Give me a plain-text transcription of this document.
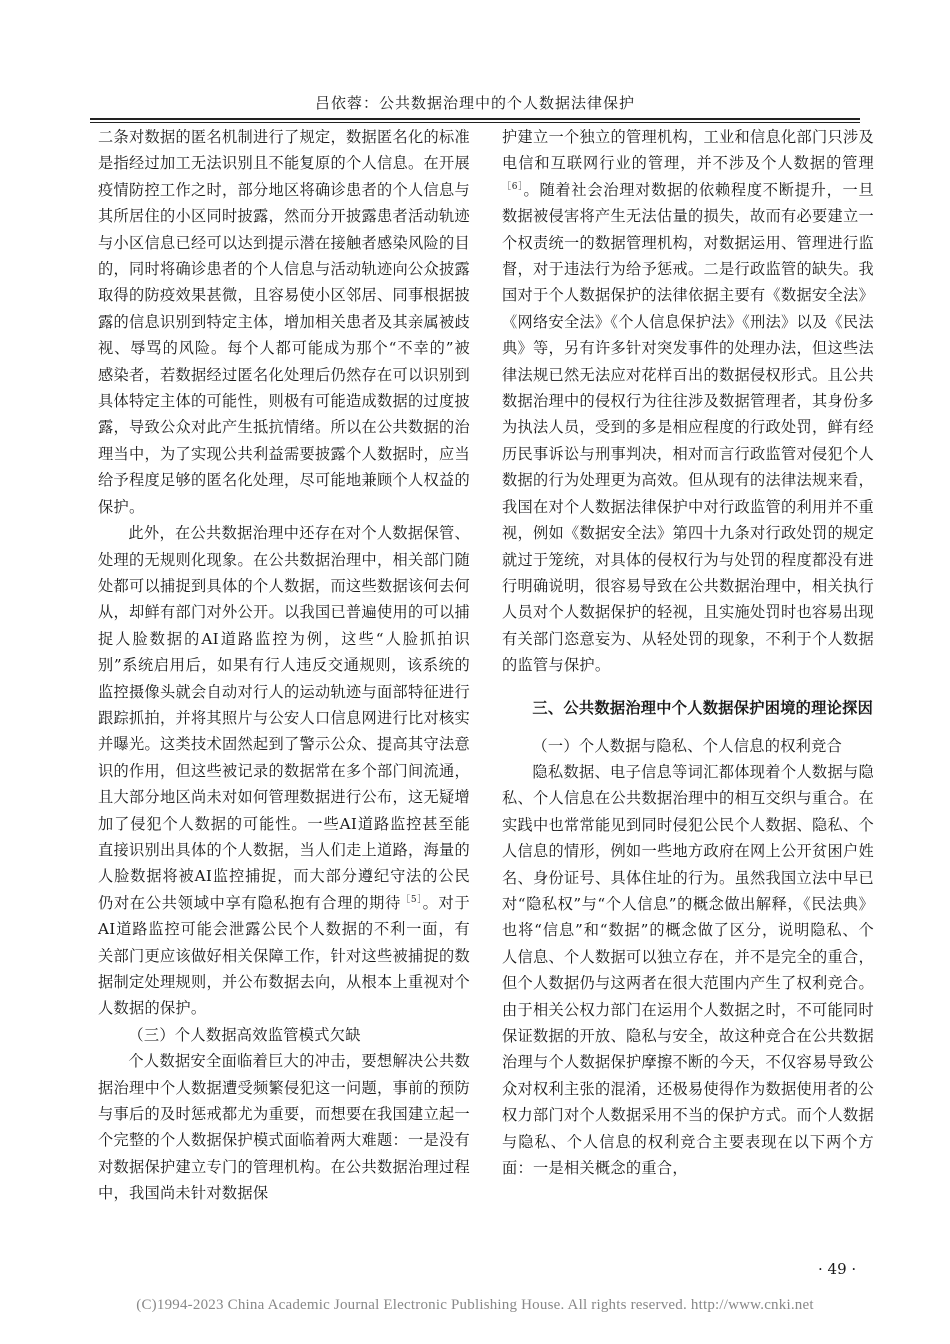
吕依蓉：公共数据治理中的个人数据法律保护

二条对数据的匿名机制进行了规定，数据匿名化的标准是指经过加工无法识别且不能复原的个人信息。在开展疫情防控工作之时，部分地区将确诊患者的个人信息与其所居住的小区同时披露，然而分开披露患者活动轨迹与小区信息已经可以达到提示潜在接触者感染风险的目的，同时将确诊患者的个人信息与活动轨迹向公众披露取得的防疫效果甚微，且容易使小区邻居、同事根据披露的信息识别到特定主体，增加相关患者及其亲属被歧视、辱骂的风险。每个人都可能成为那个“不幸的”被感染者，若数据经过匿名化处理后仍然存在可以识别到具体特定主体的可能性，则极有可能造成数据的过度披露，导致公众对此产生抵抗情绪。所以在公共数据的治理当中，为了实现公共利益需要披露个人数据时，应当给予程度足够的匿名化处理，尽可能地兼顾个人权益的保护。

此外，在公共数据治理中还存在对个人数据保管、处理的无规则化现象。在公共数据治理中，相关部门随处都可以捕捉到具体的个人数据，而这些数据该何去何从，却鲜有部门对外公开。以我国已普遍使用的可以捕捉人脸数据的AI道路监控为例，这些“人脸抓拍识别”系统启用后，如果有行人违反交通规则，该系统的监控摄像头就会自动对行人的运动轨迹与面部特征进行跟踪抓拍，并将其照片与公安人口信息网进行比对核实并曝光。这类技术固然起到了警示公众、提高其守法意识的作用，但这些被记录的数据常在多个部门间流通，且大部分地区尚未对如何管理数据进行公布，这无疑增加了侵犯个人数据的可能性。一些AI道路监控甚至能直接识别出具体的个人数据，当人们走上道路，海量的人脸数据将被AI监控捕捉，而大部分遵纪守法的公民仍对在公共领域中享有隐私抱有合理的期待$^{[5]}$。对于AI道路监控可能会泄露公民个人数据的不利一面，有关部门更应该做好相关保障工作，针对这些被捕捉的数据制定处理规则，并公布数据去向，从根本上重视对个人数据的保护。

（三）个人数据高效监管模式欠缺

个人数据安全面临着巨大的冲击，要想解决公共数据治理中个人数据遭受频繁侵犯这一问题，事前的预防与事后的及时惩戒都尤为重要，而想要在我国建立起一个完整的个人数据保护模式面临着两大难题：一是没有对数据保护建立专门的管理机构。在公共数据治理过程中，我国尚未针对数据保

护建立一个独立的管理机构，工业和信息化部门只涉及电信和互联网行业的管理，并不涉及个人数据的管理$^{[6]}$。随着社会治理对数据的依赖程度不断提升，一旦数据被侵害将产生无法估量的损失，故而有必要建立一个权责统一的数据管理机构，对数据运用、管理进行监督，对于违法行为给予惩戒。二是行政监管的缺失。我国对于个人数据保护的法律依据主要有《数据安全法》《网络安全法》《个人信息保护法》《刑法》以及《民法典》等，另有许多针对突发事件的处理办法，但这些法律法规已然无法应对花样百出的数据侵权形式。且公共数据治理中的侵权行为往往涉及数据管理者，其身份多为执法人员，受到的多是相应程度的行政处罚，鲜有经历民事诉讼与刑事判决，相对而言行政监管对侵犯个人数据的行为处理更为高效。但从现有的法律法规来看，我国在对个人数据法律保护中对行政监管的利用并不重视，例如《数据安全法》第四十九条对行政处罚的规定就过于笼统，对具体的侵权行为与处罚的程度都没有进行明确说明，很容易导致在公共数据治理中，相关执行人员对个人数据保护的轻视，且实施处罚时也容易出现有关部门恣意妄为、从轻处罚的现象，不利于个人数据的监管与保护。

三、公共数据治理中个人数据保护困境的理论探因

（一）个人数据与隐私、个人信息的权利竞合

隐私数据、电子信息等词汇都体现着个人数据与隐私、个人信息在公共数据治理中的相互交织与重合。在实践中也常常能见到同时侵犯公民个人数据、隐私、个人信息的情形，例如一些地方政府在网上公开贫困户姓名、身份证号、具体住址的行为。虽然我国立法中早已对“隐私权”与“个人信息”的概念做出解释，《民法典》也将“信息”和“数据”的概念做了区分，说明隐私、个人信息、个人数据可以独立存在，并不是完全的重合，但个人数据仍与这两者在很大范围内产生了权利竞合。由于相关公权力部门在运用个人数据之时，不可能同时保证数据的开放、隐私与安全，故这种竞合在公共数据治理与个人数据保护摩擦不断的今天，不仅容易导致公众对权利主张的混淆，还极易使得作为数据使用者的公权力部门对个人数据采用不当的保护方式。而个人数据与隐私、个人信息的权利竞合主要表现在以下两个方面：一是相关概念的重合，

· 49 ·
(C)1994-2023 China Academic Journal Electronic Publishing House. All rights reserved. http://www.cnki.net
